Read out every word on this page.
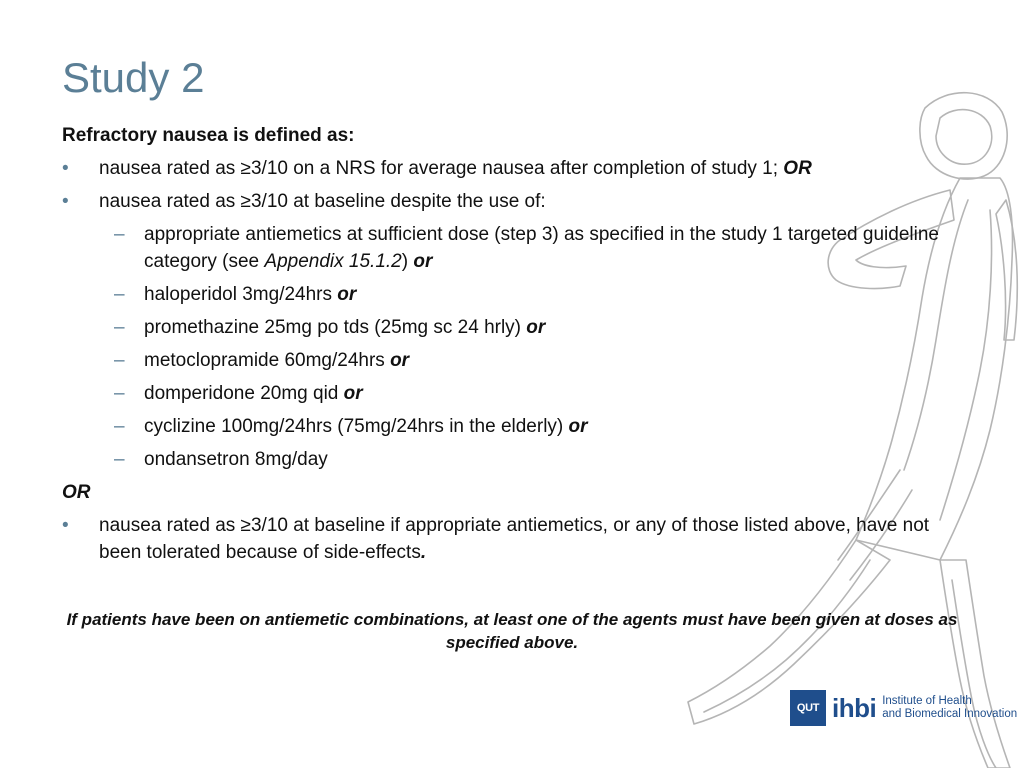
Study 2
Refractory nausea is defined as:
• nausea rated as ≥3/10 on a NRS for average nausea after completion of study 1; OR
• nausea rated as ≥3/10 at baseline despite the use of:
– appropriate antiemetics at sufficient dose (step 3) as specified in the study 1 targeted guideline category (see Appendix 15.1.2) or
– haloperidol 3mg/24hrs or
– promethazine 25mg po tds (25mg sc 24 hrly) or
– metoclopramide 60mg/24hrs or
– domperidone 20mg qid or
– cyclizine 100mg/24hrs (75mg/24hrs in the elderly) or
– ondansetron 8mg/day
OR
• nausea rated as ≥3/10 at baseline if appropriate antiemetics, or any of those listed above, have not been tolerated because of side-effects.
If patients have been on antiemetic combinations, at least one of the agents must have been given at doses as specified above.
QUT ihbi Institute of Health
and Biomedical Innovation
